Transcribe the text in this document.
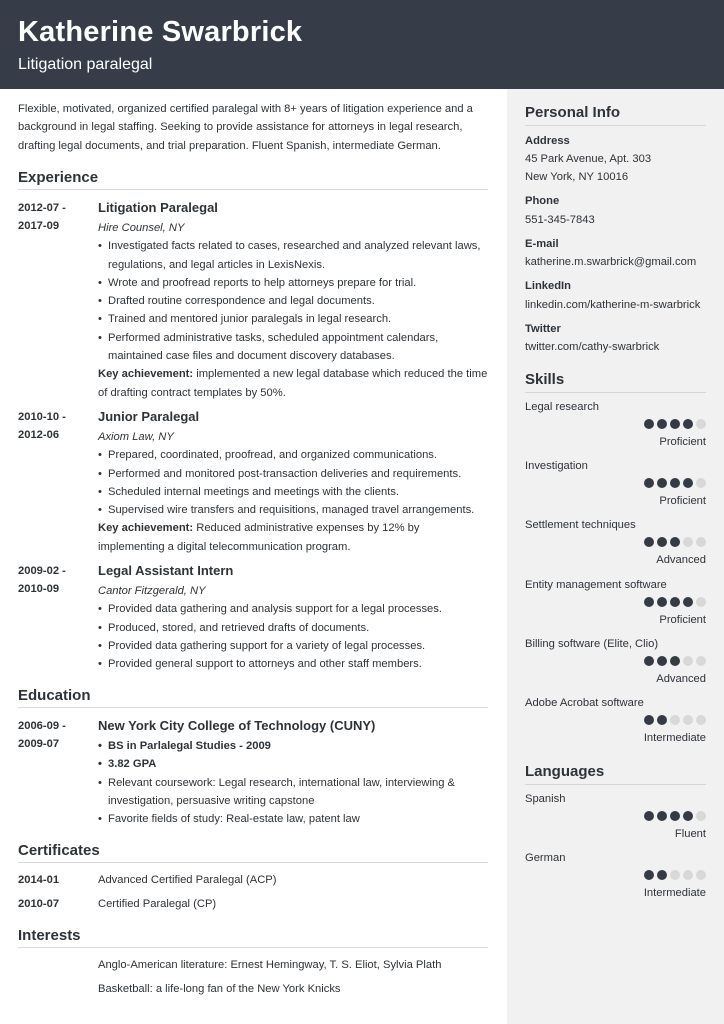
Katherine Swarbrick
Litigation paralegal
Flexible, motivated, organized certified paralegal with 8+ years of litigation experience and a background in legal staffing. Seeking to provide assistance for attorneys in legal research, drafting legal documents, and trial preparation. Fluent Spanish, intermediate German.
Experience
2012-07 -
2017-09
Litigation Paralegal
Hire Counsel, NY
• Investigated facts related to cases, researched and analyzed relevant laws, regulations, and legal articles in LexisNexis.
• Wrote and proofread reports to help attorneys prepare for trial.
• Drafted routine correspondence and legal documents.
• Trained and mentored junior paralegals in legal research.
• Performed administrative tasks, scheduled appointment calendars, maintained case files and document discovery databases.
Key achievement: implemented a new legal database which reduced the time of drafting contract templates by 50%.
2010-10 -
2012-06
Junior Paralegal
Axiom Law, NY
• Prepared, coordinated, proofread, and organized communications.
• Performed and monitored post-transaction deliveries and requirements.
• Scheduled internal meetings and meetings with the clients.
• Supervised wire transfers and requisitions, managed travel arrangements.
Key achievement: Reduced administrative expenses by 12% by implementing a digital telecommunication program.
2009-02 -
2010-09
Legal Assistant Intern
Cantor Fitzgerald, NY
• Provided data gathering and analysis support for a legal processes.
• Produced, stored, and retrieved drafts of documents.
• Provided data gathering support for a variety of legal processes.
• Provided general support to attorneys and other staff members.
Education
2006-09 -
2009-07
New York City College of Technology (CUNY)
• BS in Parlalegal Studies - 2009
• 3.82 GPA
• Relevant coursework: Legal research, international law, interviewing & investigation, persuasive writing capstone
• Favorite fields of study: Real-estate law, patent law
Certificates
2014-01	Advanced Certified Paralegal (ACP)
2010-07	Certified Paralegal (CP)
Interests
Anglo-American literature: Ernest Hemingway, T. S. Eliot, Sylvia Plath
Basketball: a life-long fan of the New York Knicks
Personal Info
Address
45 Park Avenue, Apt. 303
New York, NY 10016
Phone
551-345-7843
E-mail
katherine.m.swarbrick@gmail.com
LinkedIn
linkedin.com/katherine-m-swarbrick
Twitter
twitter.com/cathy-swarbrick
Skills
Legal research
Proficient
Investigation
Proficient
Settlement techniques
Advanced
Entity management software
Proficient
Billing software (Elite, Clio)
Advanced
Adobe Acrobat software
Intermediate
Languages
Spanish
Fluent
German
Intermediate
